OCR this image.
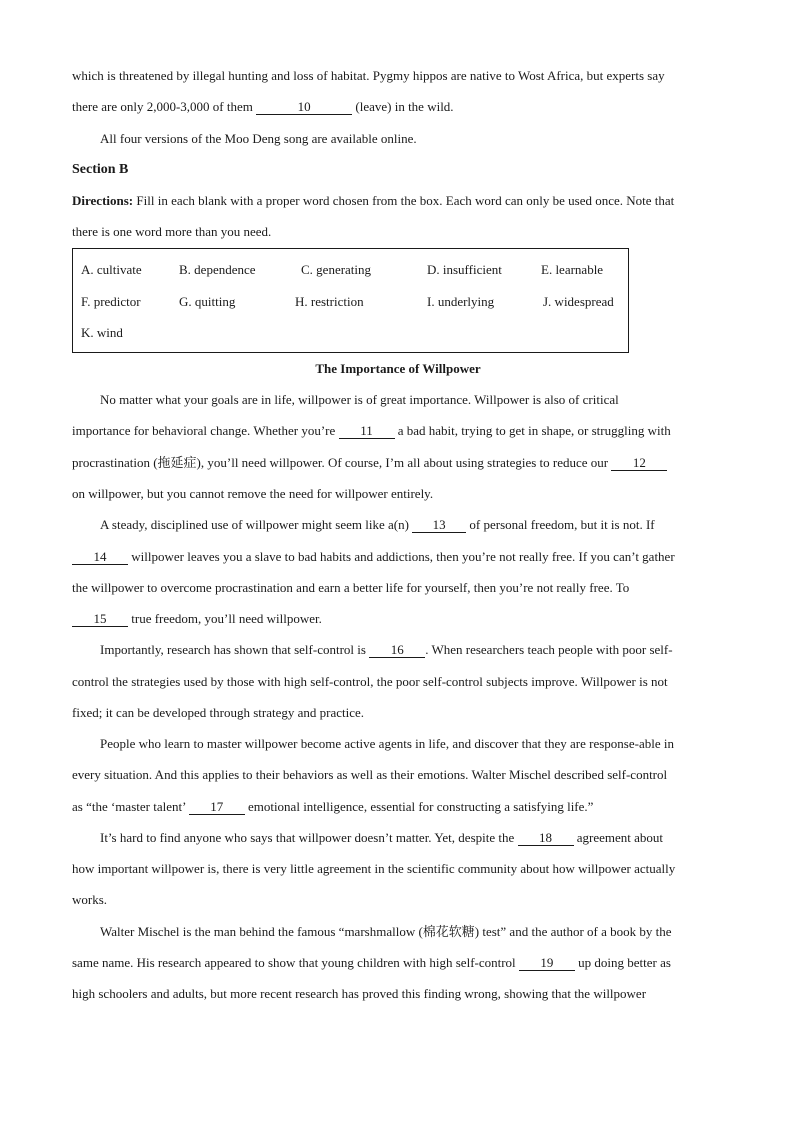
which is threatened by illegal hunting and loss of habitat. Pygmy hippos are native to Wost Africa, but experts say
there are only 2,000-3,000 of them	10	(leave) in the wild.
All four versions of the Moo Deng song are available online.
Section B
Directions: Fill in each blank with a proper word chosen from the box. Each word can only be used once. Note that
there is one word more than you need.
A. cultivate	B. dependence	C. generating	D. insufficient	E. learnable
F. predictor	G. quitting	H. restriction	I. underlying	J. widespread
K. wind
The Importance of Willpower
No matter what your goals are in life, willpower is of great importance. Willpower is also of critical
importance for behavioral change. Whether you’re 11 a bad habit, trying to get in shape, or struggling with
procrastination (拖延症), you’ll need willpower. Of course, I’m all about using strategies to reduce our 12
on willpower, but you cannot remove the need for willpower entirely.
A steady, disciplined use of willpower might seem like a(n) 13 of personal freedom, but it is not. If
14 willpower leaves you a slave to bad habits and addictions, then you’re not really free. If you can’t gather
the willpower to overcome procrastination and earn a better life for yourself, then you’re not really free. To
15 true freedom, you’ll need willpower.
Importantly, research has shown that self-control is 16 . When researchers teach people with poor self-
control the strategies used by those with high self-control, the poor self-control subjects improve. Willpower is not
fixed; it can be developed through strategy and practice.
People who learn to master willpower become active agents in life, and discover that they are response-able in
every situation. And this applies to their behaviors as well as their emotions. Walter Mischel described self-control
as “the ‘master talent’ 17 emotional intelligence, essential for constructing a satisfying life.”
It’s hard to find anyone who says that willpower doesn’t matter. Yet, despite the 18 agreement about
how important willpower is, there is very little agreement in the scientific community about how willpower actually
works.
Walter Mischel is the man behind the famous “marshmallow (棉花软糖) test” and the author of a book by the
same name. His research appeared to show that young children with high self-control 19 up doing better as
high schoolers and adults, but more recent research has proved this finding wrong, showing that the willpower
